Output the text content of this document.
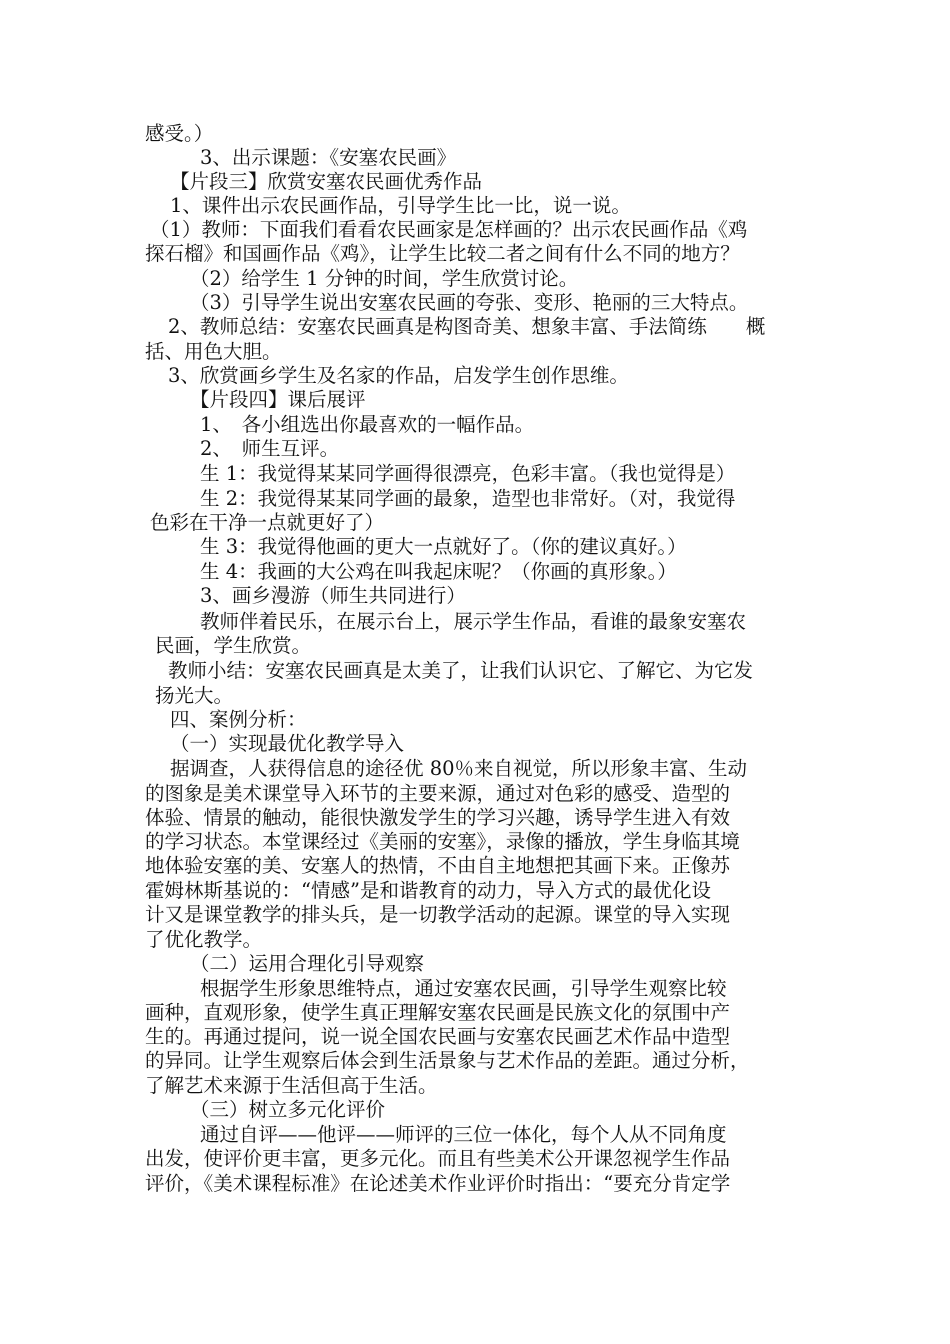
感受。）
3、出示课题：《安塞农民画》
【片段三】欣赏安塞农民画优秀作品
1、课件出示农民画作品，引导学生比一比，说一说。
（1）教师：下面我们看看农民画家是怎样画的？出示农民画作品《鸡
探石榴》和国画作品《鸡》，让学生比较二者之间有什么不同的地方？
（2）给学生 1 分钟的时间，学生欣赏讨论。
（3）引导学生说出安塞农民画的夸张、变形、艳丽的三大特点。
2、教师总结：安塞农民画真是构图奇美、想象丰富、手法简练　　概
括、用色大胆。
3、欣赏画乡学生及名家的作品，启发学生创作思维。
【片段四】课后展评
1、　各小组选出你最喜欢的一幅作品。
2、　师生互评。
生 1：我觉得某某同学画得很漂亮，色彩丰富。（我也觉得是）
生 2：我觉得某某同学画的最象，造型也非常好。（对，我觉得
色彩在干净一点就更好了）
生 3：我觉得他画的更大一点就好了。（你的建议真好。）
生 4：我画的大公鸡在叫我起床呢？（你画的真形象。）
3、画乡漫游（师生共同进行）
教师伴着民乐，在展示台上，展示学生作品，看谁的最象安塞农
民画，学生欣赏。
教师小结：安塞农民画真是太美了，让我们认识它、了解它、为它发
扬光大。
四、案例分析：
（一）实现最优化教学导入
据调查，人获得信息的途径优 80％来自视觉，所以形象丰富、生动
的图象是美术课堂导入环节的主要来源，通过对色彩的感受、造型的
体验、情景的触动，能很快激发学生的学习兴趣，诱导学生进入有效
的学习状态。本堂课经过《美丽的安塞》，录像的播放，学生身临其境
地体验安塞的美、安塞人的热情，不由自主地想把其画下来。正像苏
霍姆林斯基说的：“情感”是和谐教育的动力，导入方式的最优化设
计又是课堂教学的排头兵，是一切教学活动的起源。课堂的导入实现
了优化教学。
（二）运用合理化引导观察
根据学生形象思维特点，通过安塞农民画，引导学生观察比较
画种，直观形象，使学生真正理解安塞农民画是民族文化的氛围中产
生的。再通过提问，说一说全国农民画与安塞农民画艺术作品中造型
的异同。让学生观察后体会到生活景象与艺术作品的差距。通过分析，
了解艺术来源于生活但高于生活。
（三）树立多元化评价
通过自评——他评——师评的三位一体化，每个人从不同角度
出发，使评价更丰富，更多元化。而且有些美术公开课忽视学生作品
评价，《美术课程标准》在论述美术作业评价时指出：“要充分肯定学
